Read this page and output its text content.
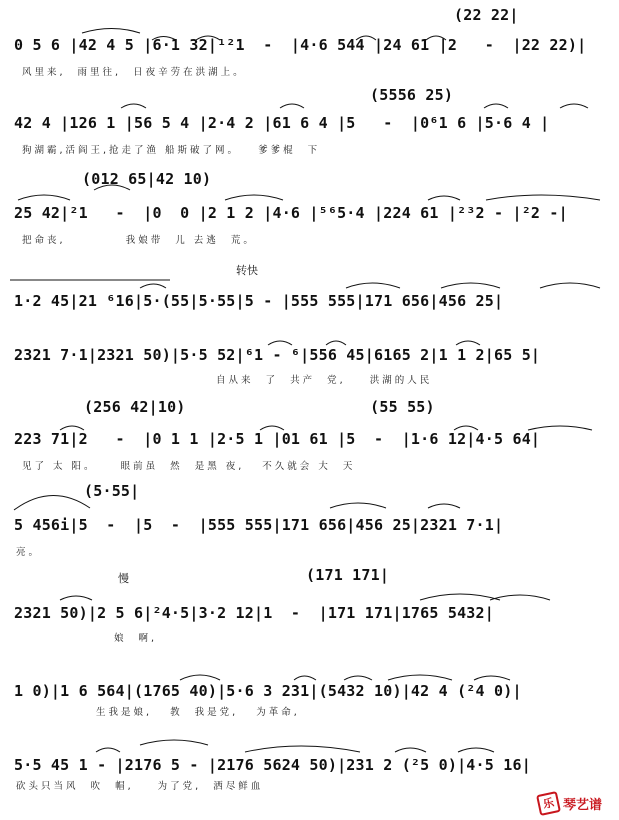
(22 22|
0 5 6 |42 4 5 |6·1 32|¹²1  -  |4·6 544 |24 61 |2   -  |22 22)|
风里来,  雨里往,  日夜辛劳在洪湖上。
(5556 25)
42 4 |126 1 |56 5 4 |2·4 2 |61 6 4 |5   -  |0⁶1 6 |5·6 4 |
狗湖霸,活阎王,抢走了渔 船斯破了网。   爹爹棍  下
(012 65|42 10)
25 42|²1   -  |0  0 |2 1 2 |4·6 |⁵⁶5·4 |224 61 |²³2 - |²2 -|
把命丧,          我娘带  儿 去逃  荒。
转快
1·2 45|21 ⁶16|5·(55|5·55|5 - |555 555|171 656|456 25|
2321 7·1|2321 50)|5·5 52|⁶1 - ⁶|556 45|6165 2|1 1 2|65 5|
自从来  了  共产  党,    洪湖的人民
(256 42|10)                    (55 55)
223 71|2   -  |0 1 1 |2·5 1 |01 61 |5  -  |1·6 12|4·5 64|
见了 太 阳。    眼前虽  然  是黑 夜,   不久就会 大  天
(5·55|
5 456i|5  -  |5  -  |555 555|171 656|456 25|2321 7·1|
亮。
慢	(171 171|
2321 50)|2 5 6|²4·5|3·2 12|1  -  |171 171|1765 5432|
娘  啊,
1 0)|1 6 564|(1765 40)|5·6 3 231|(5432 10)|42 4 (²4 0)|
生我是娘,   教  我是党,   为革命,
5·5 45 1 - |2176 5 - |2176 5624 50)|231 2 (²5 0)|4·5 16|
砍头只当风  吹  帽,    为了党,  洒尽鲜血
乐 琴艺谱
